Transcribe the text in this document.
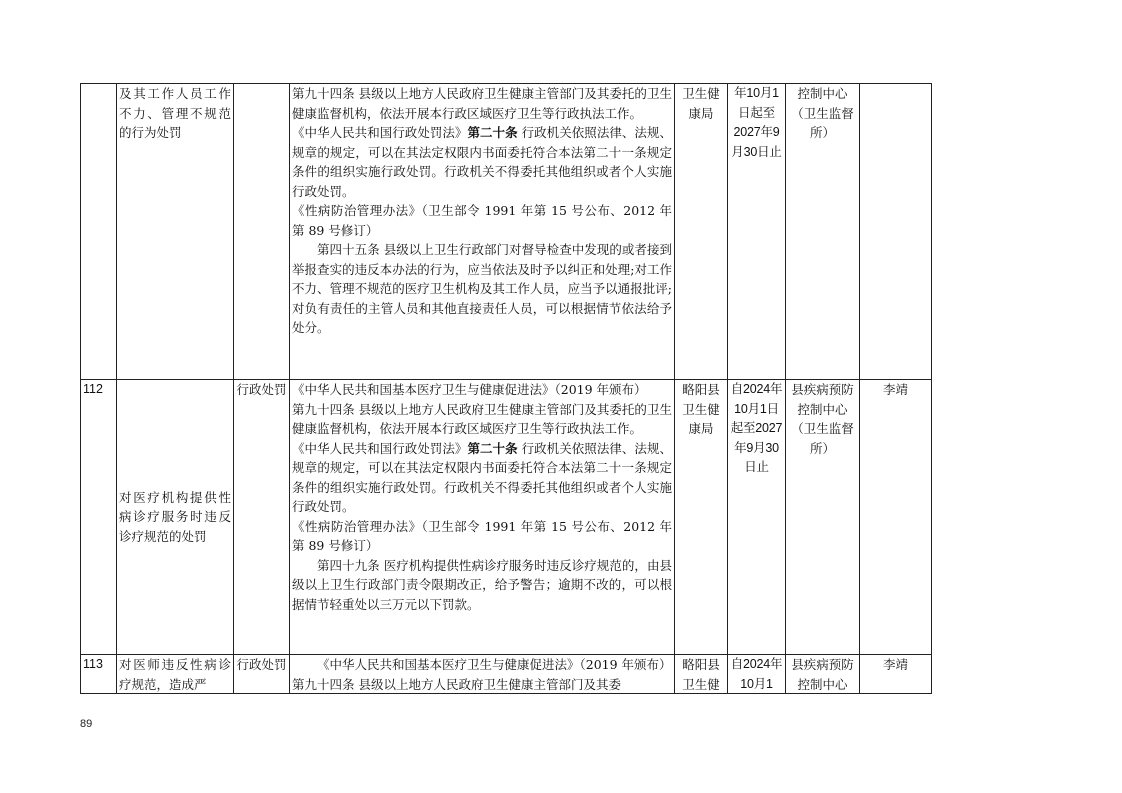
	及其工作人员工作不力、管理不规范的行为处罚		第九十四条 县级以上地方人民政府卫生健康主管部门及其委托的卫生健康监督机构，依法开展本行政区域医疗卫生等行政执法工作。

《中华人民共和国行政处罚法》第二十条 行政机关依照法律、法规、规章的规定，可以在其法定权限内书面委托符合本法第二十一条规定条件的组织实施行政处罚。行政机关不得委托其他组织或者个人实施行政处罚。

《性病防治管理办法》（卫生部令 1991 年第 15 号公布、2012 年第 89 号修订）

第四十五条 县级以上卫生行政部门对督导检查中发现的或者接到举报查实的违反本办法的行为，应当依法及时予以纠正和处理;对工作不力、管理不规范的医疗卫生机构及其工作人员，应当予以通报批评;对负有责任的主管人员和其他直接责任人员，可以根据情节依法给予处分。	卫生健康局	年10月1日起至2027年9月30日止	控制中心（卫生监督所）	
112	对医疗机构提供性病诊疗服务时违反诊疗规范的处罚	行政处罚	《中华人民共和国基本医疗卫生与健康促进法》（2019 年颁布）

第九十四条 县级以上地方人民政府卫生健康主管部门及其委托的卫生健康监督机构，依法开展本行政区域医疗卫生等行政执法工作。

《中华人民共和国行政处罚法》第二十条 行政机关依照法律、法规、规章的规定，可以在其法定权限内书面委托符合本法第二十一条规定条件的组织实施行政处罚。行政机关不得委托其他组织或者个人实施行政处罚。

《性病防治管理办法》（卫生部令 1991 年第 15 号公布、2012 年第 89 号修订）

第四十九条 医疗机构提供性病诊疗服务时违反诊疗规范的，由县级以上卫生行政部门责令限期改正，给予警告；逾期不改的，可以根据情节轻重处以三万元以下罚款。	略阳县卫生健康局	自2024年10月1日起至2027年9月30日止	县疾病预防控制中心（卫生监督所）	李靖
113	对医师违反性病诊疗规范，造成严	行政处罚	《中华人民共和国基本医疗卫生与健康促进法》（2019 年颁布）

第九十四条 县级以上地方人民政府卫生健康主管部门及其委	略阳县卫生健	自2024年10月1	县疾病预防控制中心	李靖
89
